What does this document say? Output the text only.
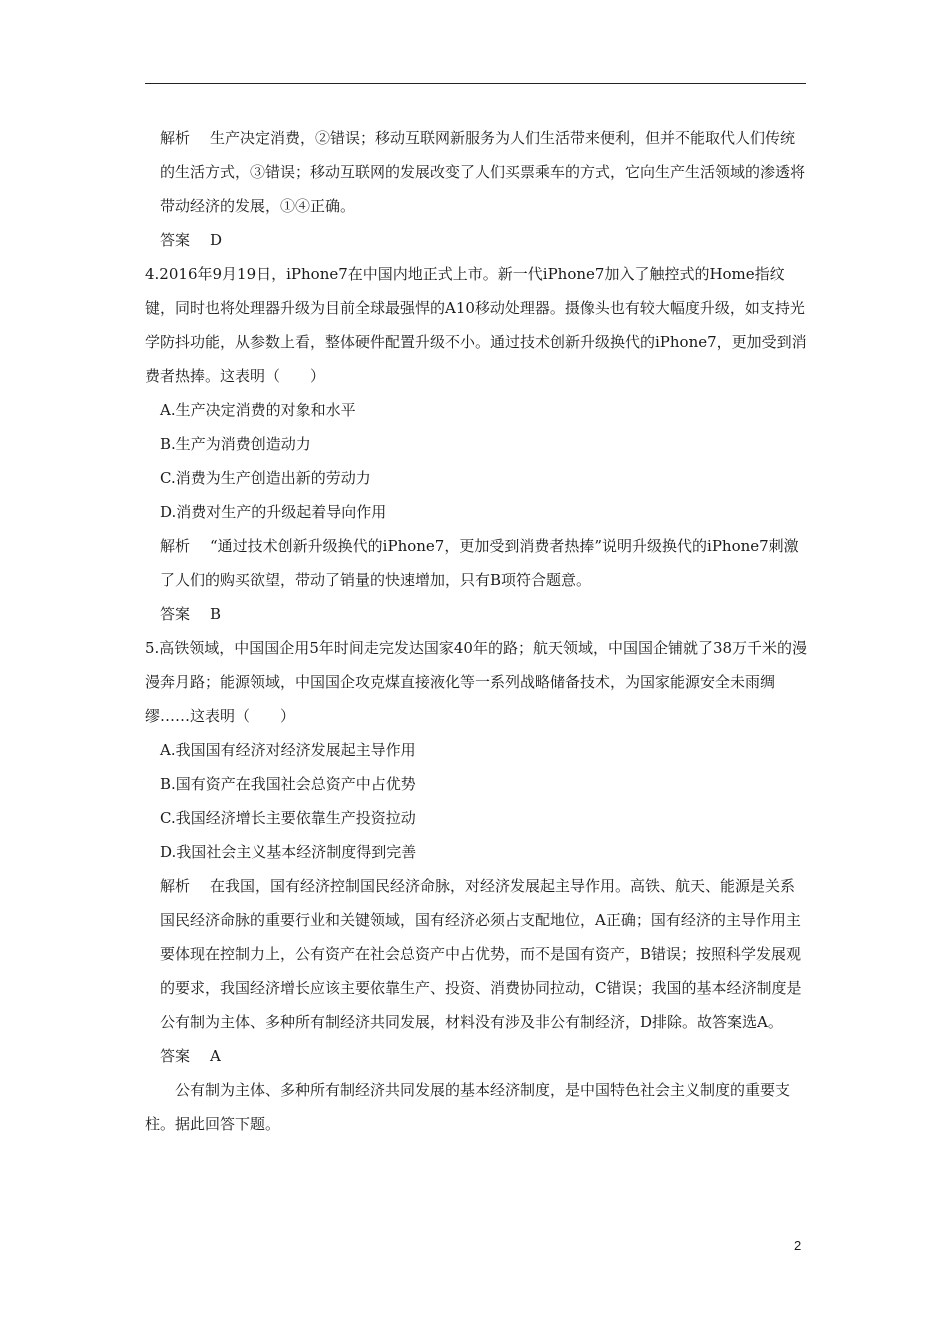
解析 生产决定消费，②错误；移动互联网新服务为人们生活带来便利，但并不能取代人们传统的生活方式，③错误；移动互联网的发展改变了人们买票乘车的方式，它向生产生活领域的渗透将带动经济的发展，①④正确。

答案 D

4.2016年9月19日，iPhone7在中国内地正式上市。新一代iPhone7加入了触控式的Home指纹键，同时也将处理器升级为目前全球最强悍的A10移动处理器。摄像头也有较大幅度升级，如支持光学防抖功能，从参数上看，整体硬件配置升级不小。通过技术创新升级换代的iPhone7，更加受到消费者热捧。这表明（　　）

A.生产决定消费的对象和水平

B.生产为消费创造动力

C.消费为生产创造出新的劳动力

D.消费对生产的升级起着导向作用

解析 “通过技术创新升级换代的iPhone7，更加受到消费者热捧”说明升级换代的iPhone7刺激了人们的购买欲望，带动了销量的快速增加，只有B项符合题意。

答案 B

5.高铁领域，中国国企用5年时间走完发达国家40年的路；航天领域，中国国企铺就了38万千米的漫漫奔月路；能源领域，中国国企攻克煤直接液化等一系列战略储备技术，为国家能源安全未雨绸缪……这表明（　　）

A.我国国有经济对经济发展起主导作用

B.国有资产在我国社会总资产中占优势

C.我国经济增长主要依靠生产投资拉动

D.我国社会主义基本经济制度得到完善

解析 在我国，国有经济控制国民经济命脉，对经济发展起主导作用。高铁、航天、能源是关系国民经济命脉的重要行业和关键领域，国有经济必须占支配地位，A正确；国有经济的主导作用主要体现在控制力上，公有资产在社会总资产中占优势，而不是国有资产，B错误；按照科学发展观的要求，我国经济增长应该主要依靠生产、投资、消费协同拉动，C错误；我国的基本经济制度是公有制为主体、多种所有制经济共同发展，材料没有涉及非公有制经济，D排除。故答案选A。

答案 A

公有制为主体、多种所有制经济共同发展的基本经济制度，是中国特色社会主义制度的重要支柱。据此回答下题。

2
